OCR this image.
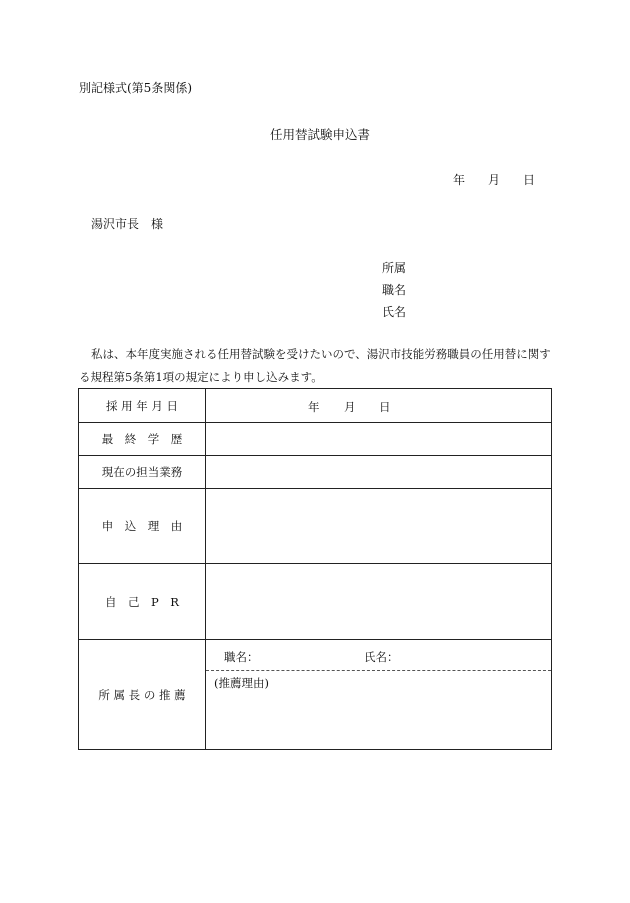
別記様式(第5条関係)
任用替試験申込書
年 月 日
湯沢市長　様
所属
職名
氏名
私は、本年度実施される任用替試験を受けたいので、湯沢市技能労務職員の任用替に関する規程第5条第1項の規定により申し込みます。
採 用 年 月 日	年 月 日

最　終　学　歴	
現在の担当業務	
申　込　理　由	
自　己　P　R	
所 属 長 の 推 薦	職名： 氏名：
(推薦理由)
